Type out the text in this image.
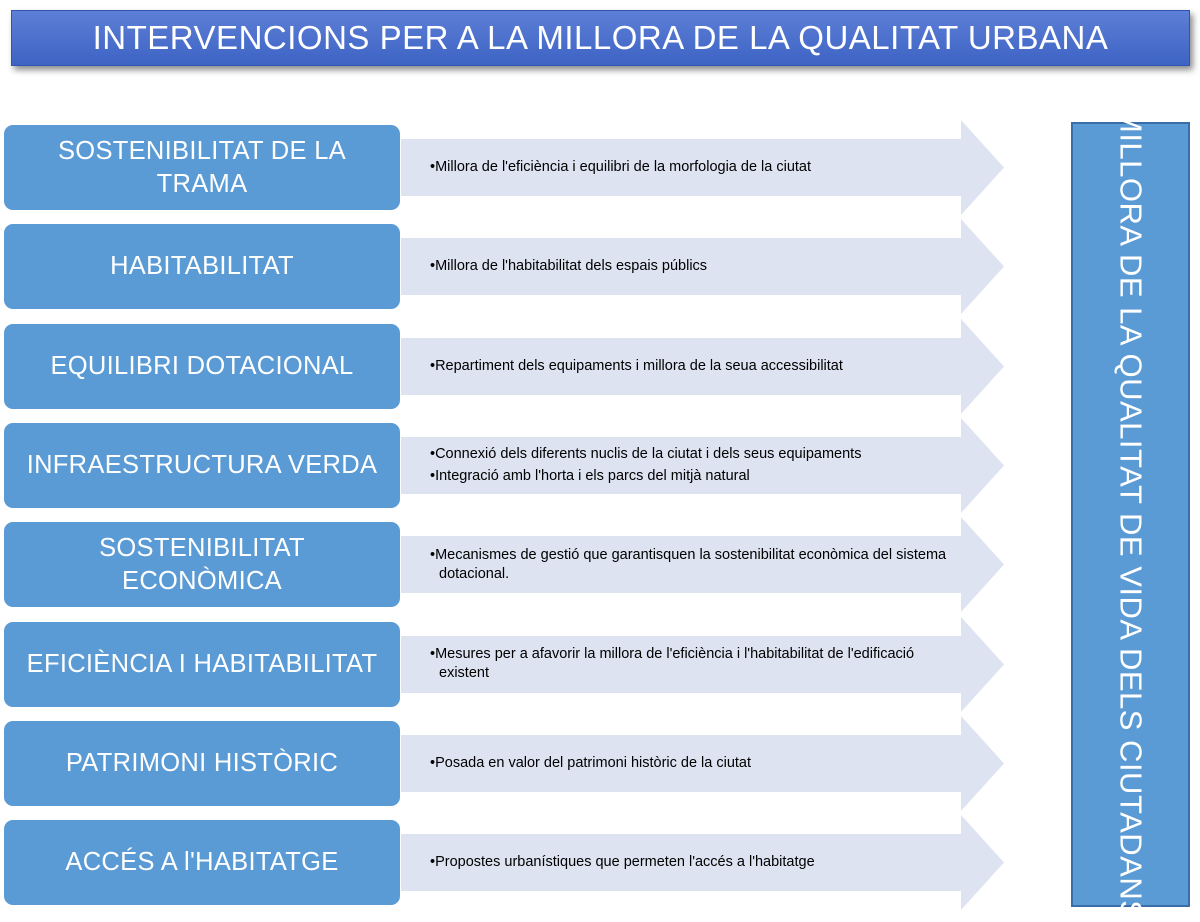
INTERVENCIONS PER A LA MILLORA DE LA QUALITAT URBANA
• Millora de l'eficiència i equilibri de la morfologia de la ciutat
SOSTENIBILITAT DE LA TRAMA
• Millora de l'habitabilitat dels espais públics
HABITABILITAT
• Repartiment dels equipaments i millora de la seua accessibilitat
EQUILIBRI DOTACIONAL
• Connexió dels diferents nuclis de la ciutat i dels seus equipaments
• Integració amb l'horta i els parcs del mitjà natural
INFRAESTRUCTURA VERDA
• Mecanismes de gestió que garantisquen la sostenibilitat econòmica del sistema dotacional.
SOSTENIBILITAT ECONÒMICA
• Mesures per a afavorir la millora de l'eficiència i l'habitabilitat de l'edificació existent
EFICIÈNCIA I HABITABILITAT
• Posada en valor del patrimoni històric de la ciutat
PATRIMONI HISTÒRIC
• Propostes urbanístiques que permeten l'accés a l'habitatge
ACCÉS A l'HABITATGE	MILLORA DE LA QUALITAT DE VIDA DELS CIUTADANS
